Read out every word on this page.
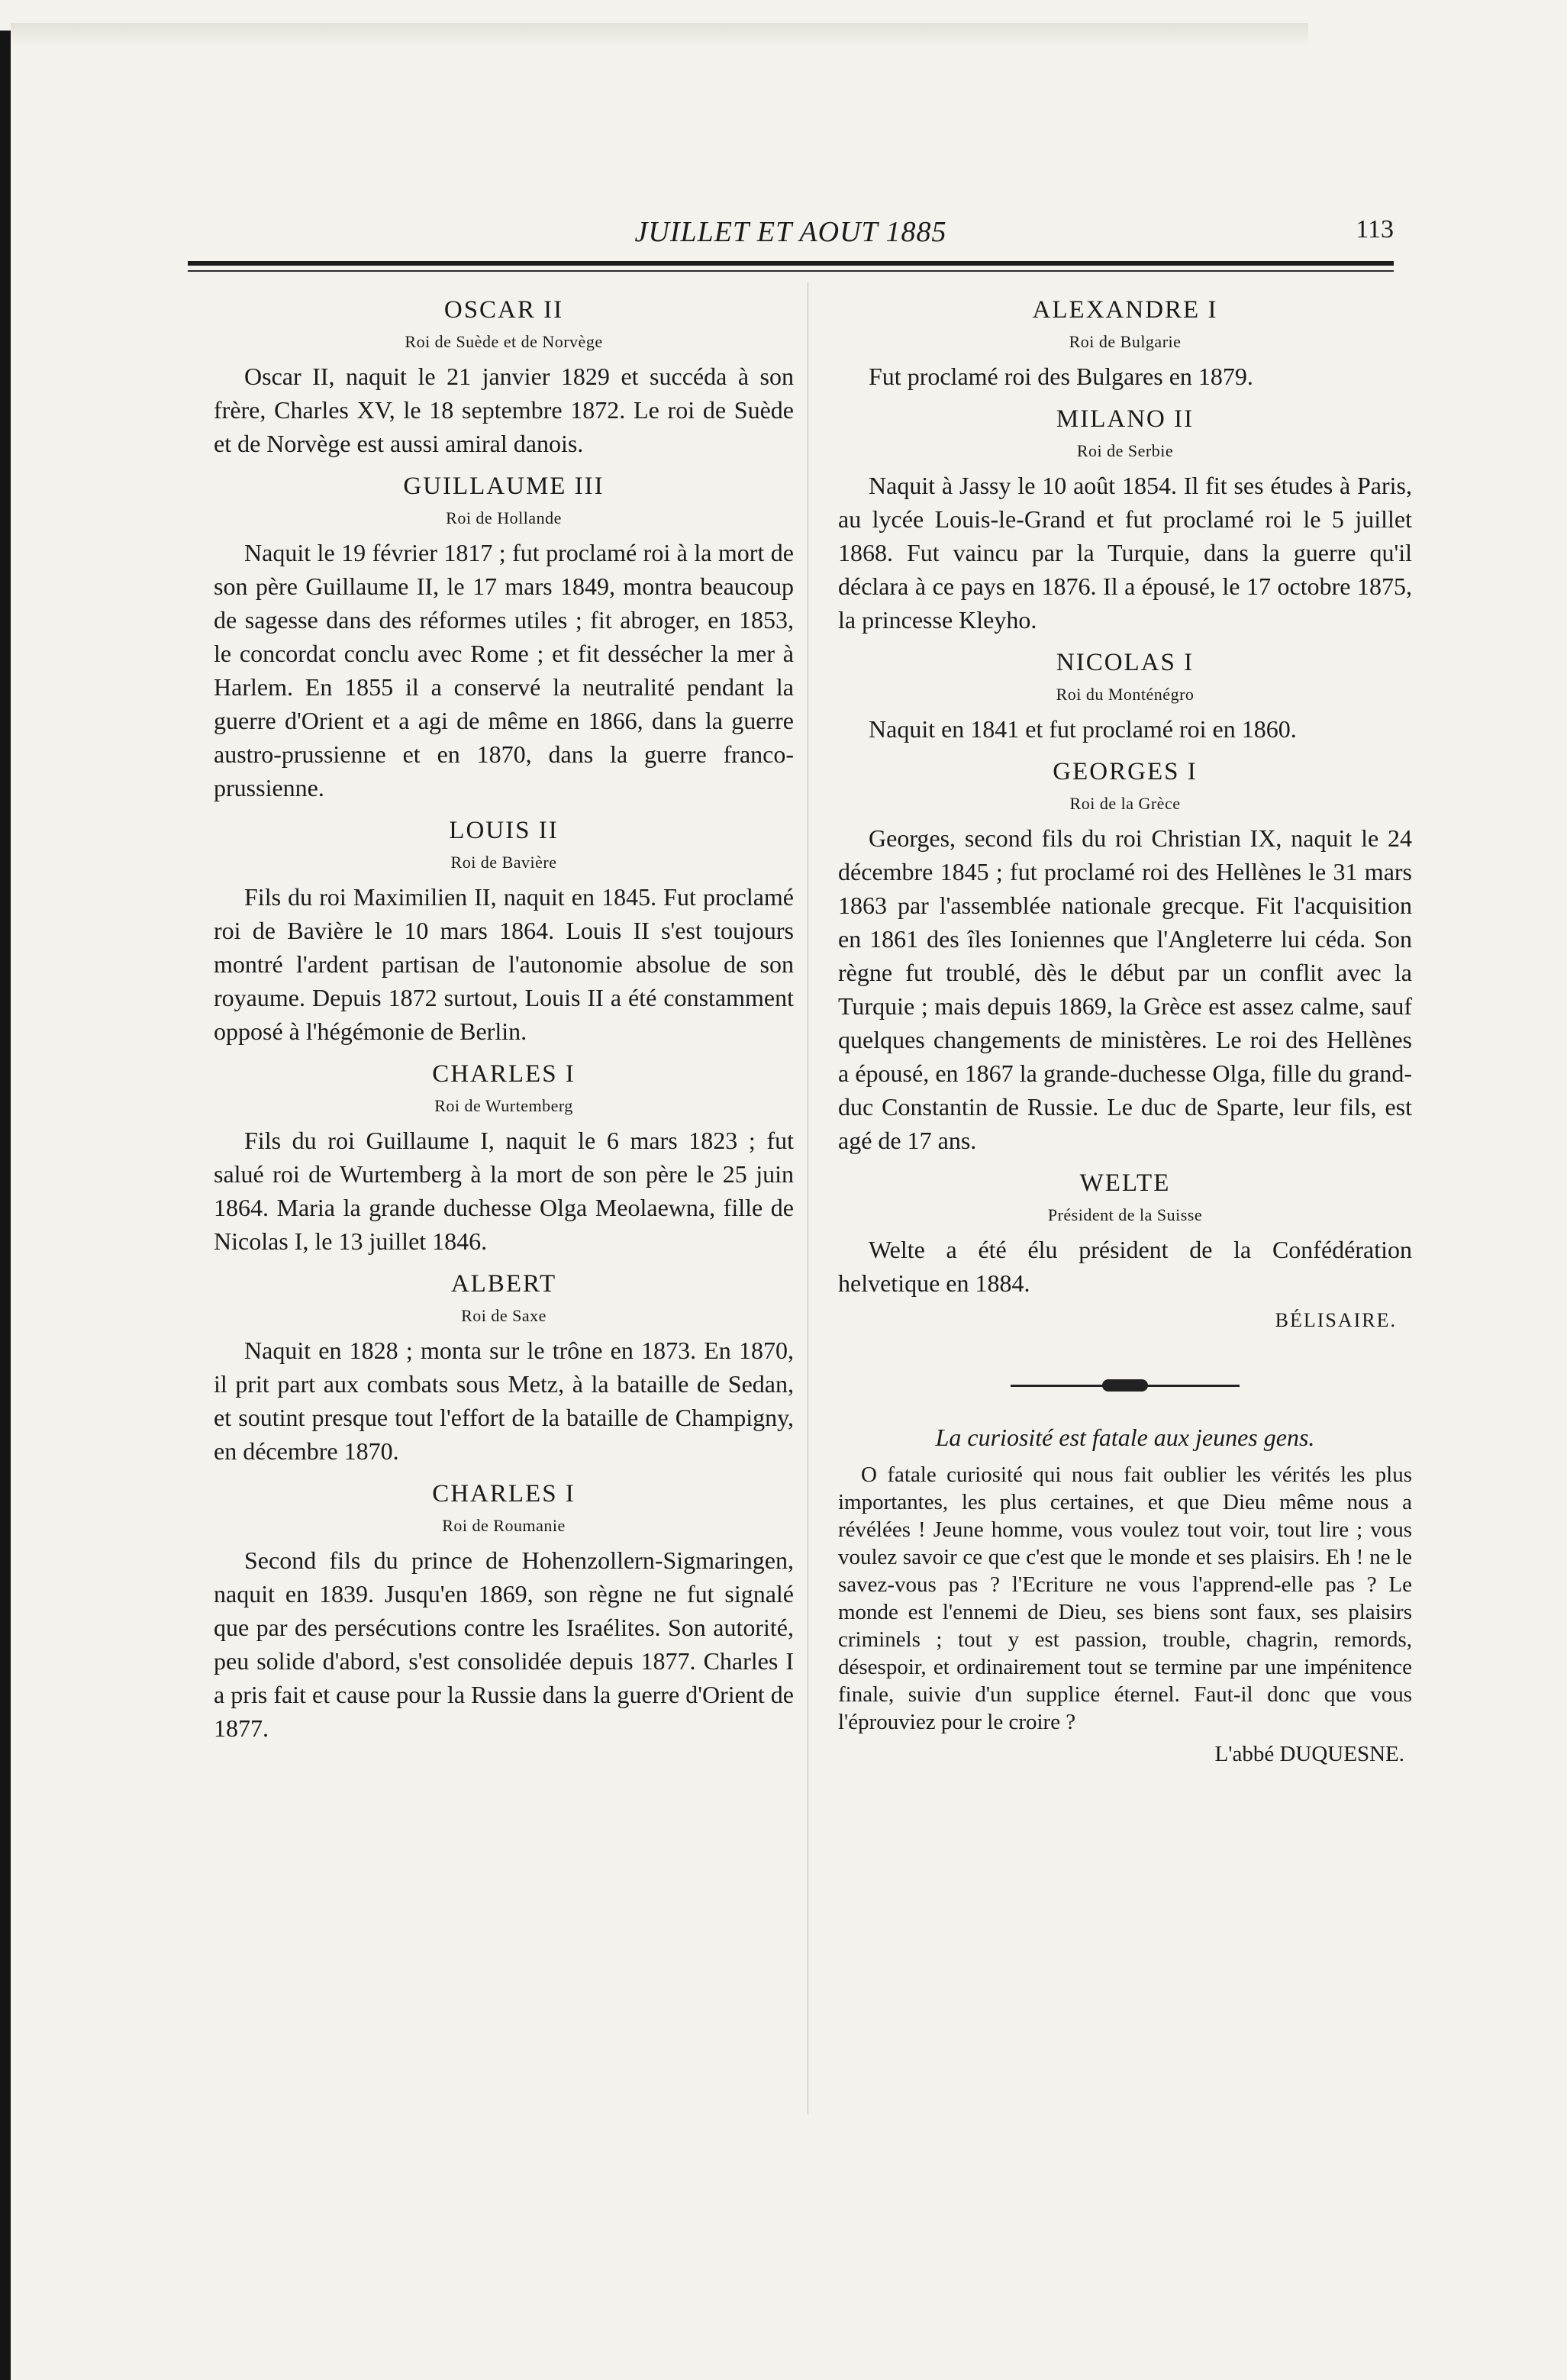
JUILLET ET AOUT 1885	113
OSCAR II
Roi de Suède et de Norvège

Oscar II, naquit le 21 janvier 1829 et succéda à son frère, Charles XV, le 18 septembre 1872. Le roi de Suède et de Norvège est aussi amiral danois.

GUILLAUME III
Roi de Hollande

Naquit le 19 février 1817 ; fut proclamé roi à la mort de son père Guillaume II, le 17 mars 1849, montra beaucoup de sagesse dans des réformes utiles ; fit abroger, en 1853, le concordat conclu avec Rome ; et fit dessécher la mer à Harlem. En 1855 il a conservé la neutralité pendant la guerre d'Orient et a agi de même en 1866, dans la guerre austro-prussienne et en 1870, dans la guerre franco-prussienne.

LOUIS II
Roi de Bavière

Fils du roi Maximilien II, naquit en 1845. Fut proclamé roi de Bavière le 10 mars 1864. Louis II s'est toujours montré l'ardent partisan de l'autonomie absolue de son royaume. Depuis 1872 surtout, Louis II a été constamment opposé à l'hégémonie de Berlin.

CHARLES I
Roi de Wurtemberg

Fils du roi Guillaume I, naquit le 6 mars 1823 ; fut salué roi de Wurtemberg à la mort de son père le 25 juin 1864. Maria la grande duchesse Olga Meolaewna, fille de Nicolas I, le 13 juillet 1846.

ALBERT
Roi de Saxe

Naquit en 1828 ; monta sur le trône en 1873. En 1870, il prit part aux combats sous Metz, à la bataille de Sedan, et soutint presque tout l'effort de la bataille de Champigny, en décembre 1870.

CHARLES I
Roi de Roumanie

Second fils du prince de Hohenzollern-Sigmaringen, naquit en 1839. Jusqu'en 1869, son règne ne fut signalé que par des persécutions contre les Israélites. Son autorité, peu solide d'abord, s'est consolidée depuis 1877. Charles I a pris fait et cause pour la Russie dans la guerre d'Orient de 1877.

ALEXANDRE I
Roi de Bulgarie

Fut proclamé roi des Bulgares en 1879.

MILANO II
Roi de Serbie

Naquit à Jassy le 10 août 1854. Il fit ses études à Paris, au lycée Louis-le-Grand et fut proclamé roi le 5 juillet 1868. Fut vaincu par la Turquie, dans la guerre qu'il déclara à ce pays en 1876. Il a épousé, le 17 octobre 1875, la princesse Kleyho.

NICOLAS I
Roi du Monténégro

Naquit en 1841 et fut proclamé roi en 1860.

GEORGES I
Roi de la Grèce

Georges, second fils du roi Christian IX, naquit le 24 décembre 1845 ; fut proclamé roi des Hellènes le 31 mars 1863 par l'assemblée nationale grecque. Fit l'acquisition en 1861 des îles Ioniennes que l'Angleterre lui céda. Son règne fut troublé, dès le début par un conflit avec la Turquie ; mais depuis 1869, la Grèce est assez calme, sauf quelques changements de ministères. Le roi des Hellènes a épousé, en 1867 la grande-duchesse Olga, fille du grand-duc Constantin de Russie. Le duc de Sparte, leur fils, est agé de 17 ans.

WELTE
Président de la Suisse

Welte a été élu président de la Confédération helvetique en 1884.

BÉLISAIRE.
La curiosité est fatale aux jeunes gens.

O fatale curiosité qui nous fait oublier les vérités les plus importantes, les plus certaines, et que Dieu même nous a révélées ! Jeune homme, vous voulez tout voir, tout lire ; vous voulez savoir ce que c'est que le monde et ses plaisirs. Eh ! ne le savez-vous pas ? l'Ecriture ne vous l'apprend-elle pas ? Le monde est l'ennemi de Dieu, ses biens sont faux, ses plaisirs criminels ; tout y est passion, trouble, chagrin, remords, désespoir, et ordinairement tout se termine par une impénitence finale, suivie d'un supplice éternel. Faut-il donc que vous l'éprouviez pour le croire ?

L'abbé DUQUESNE.
